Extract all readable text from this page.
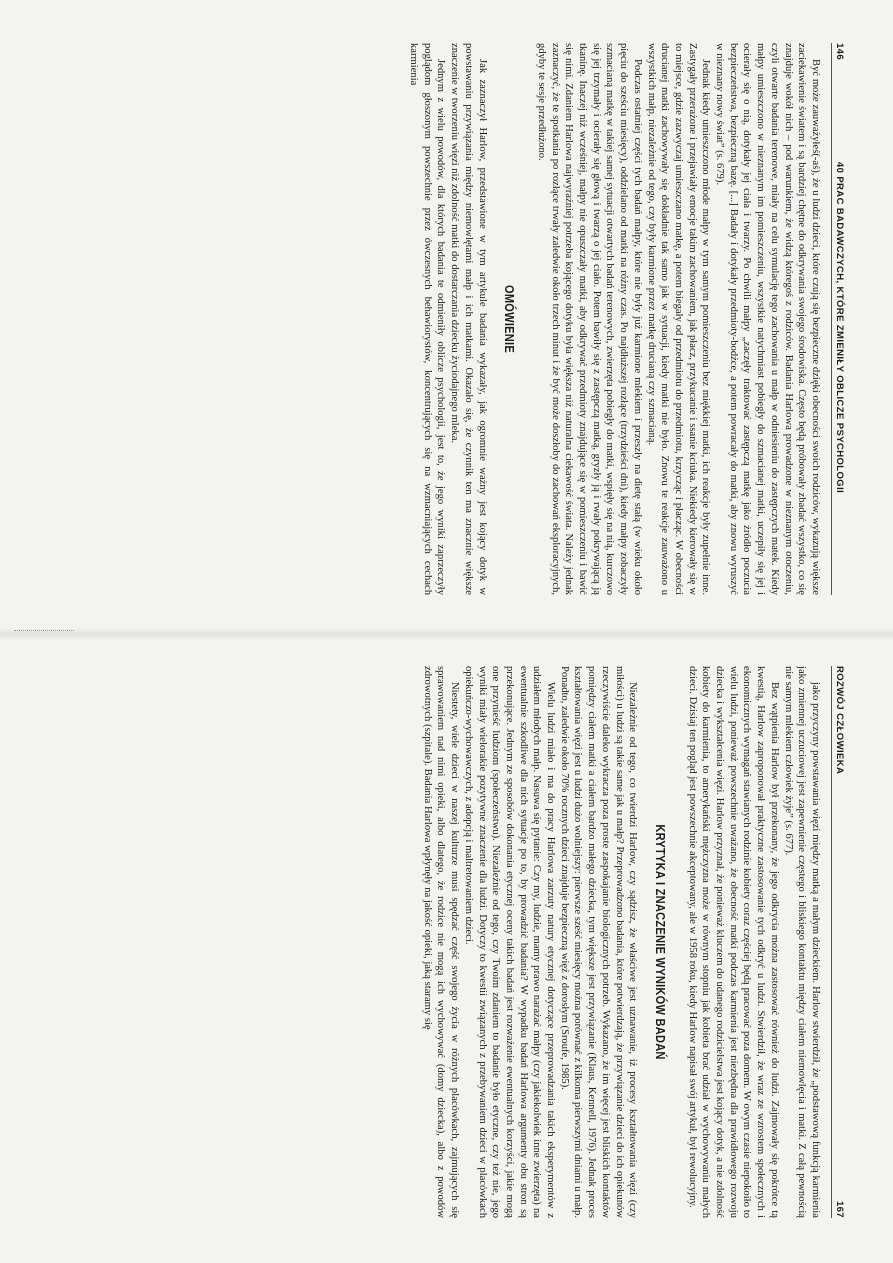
146
40 PRAC BADAWCZYCH, KTÓRE ZMIENIŁY OBLICZE PSYCHOLOGII

Być może zauważyłeś(-aś), że u ludzi dzieci, które czują się bezpieczne dzięki obecności swoich rodziców, wykazują większe zaciekawienie światem i są bardziej chętne do odkrywania swojego środowiska. Często będą próbowały zbadać wszystko, co się znajduje wokół nich – pod warunkiem, że widzą któregoś z rodziców. Badania Harlowa prowadzone w nieznanym otoczeniu, czyli otwarte badania terenowe, miały na celu symulację tego zachowania u małp w odniesieniu do zastępczych matek. Kiedy małpy umieszczono w nieznanym im pomieszczeniu, wszystkie natychmiast pobiegły do szmacianej matki, uczepiły się jej i ocierały się o nią, dotykały jej ciała i twarzy. Po chwili małpy „zaczęły traktować zastępczą matkę jako źródło poczucia bezpieczeństwa, bezpieczną bazę. [...] Badały i dotykały przedmioty-bodźce, a potem powracały do matki, aby znowu wyruszyć w nieznany nowy świat” (s. 679).

Jednak kiedy umieszczono młode małpy w tym samym pomieszczeniu bez miękkiej matki, ich reakcje były zupełnie inne. Zastygały przerażone i przejawiały emocje takim zachowaniem, jak płacz, przykucanie i ssanie kciuka. Niekiedy kierowały się w to miejsce, gdzie zazwyczaj umieszczano matkę, a potem biegały od przedmiotu do przedmiotu, krzycząc i płacząc. W obecności drucianej matki zachowywały się dokładnie tak samo jak w sytuacji, kiedy matki nie było. Znowu te reakcje zauważono u wszystkich małp, niezależnie od tego, czy były karmione przez matkę drucianą czy szmacianą.

Podczas ostatniej części tych badań małpy, które nie były już karmione mlekiem i przeszły na dietę stałą (w wieku około pięciu do sześciu miesięcy), oddzielano od matki na różny czas. Po najdłuższej rozłące (trzydzieści dni), kiedy małpy zobaczyły szmacianą matkę w takiej samej sytuacji otwartych badań terenowych, zwierzęta pobiegły do matki, wspięły się na nią, kurczowo się jej trzymały i ocierały się głową i twarzą o jej ciało. Potem bawiły się z zastępczą matką, gryzły ją i rwały pokrywającą ją tkaninę. Inaczej niż wcześniej, małpy nie opuszczały matki, aby odkrywać przedmioty znajdujące się w pomieszczeniu i bawić się nimi. Zdaniem Harlowa najwyraźniej potrzeba kojącego dotyku była większa niż naturalna ciekawość świata. Należy jednak zaznaczyć, że te spotkania po rozłące trwały zaledwie około trzech minut i że być może doszłoby do zachowań eksploracyjnych, gdyby te sesje przedłużono.

OMÓWIENIE

Jak zaznaczył Harlow, przedstawione w tym artykule badania wykazały, jak ogromnie ważny jest kojący dotyk w powstawaniu przywiązania między niemowlętami małp i ich matkami. Okazało się, że czynnik ten ma znacznie większe znaczenie w tworzeniu więzi niż zdolność matki do dostarczania dziecku życiodajnego mleka.

Jednym z wielu powodów, dla których badania te odmieniły oblicze psychologii, jest to, że jego wyniki zaprzeczyły poglądom głoszonym powszechnie przez ówczesnych behawiorystów, koncentrujących się na wzmacniających cechach karmienia

ROZWÓJ CZŁOWIEKA
167

jako przyczyny powstawania więzi między matką a małym dzieckiem. Harlow stwierdził, że „podstawową funkcją karmienia jako zmiennej uczuciowej jest zapewnienie częstego i bliskiego kontaktu między ciałem niemowlęcia i matki. Z całą pewnością nie samym mlekiem człowiek żyje” (s. 677).

Bez wątpienia Harlow był przekonany, że jego odkrycia można zastosować również do ludzi. Zajmowały się pokrótce tą kwestią, Harlow zaproponował praktyczne zastosowanie tych odkryć u ludzi. Stwierdził, że wraz ze wzrostem społecznych i ekonomicznych wymagań stawianych rodzinie kobiety coraz częściej będą pracować poza domem. W owym czasie niepokoiło to wielu ludzi, ponieważ powszechnie uważano, że obecność matki podczas karmienia jest niezbędna dla prawidłowego rozwoju dziecka i wykształcenia więzi. Harlow przyznał, że ponieważ kluczem do udanego rodzicielstwa jest kojący dotyk, a nie zdolność kobiety do karmienia, to amerykański mężczyzna może w równym stopniu jak kobieta brać udział w wychowywaniu małych dzieci. Dzisiaj ten pogląd jest powszechnie akceptowany, ale w 1958 roku, kiedy Harlow napisał swój artykuł, był rewolucyjny.

KRYTYKA I ZNACZENIE WYNIKÓW BADAŃ

Niezależnie od tego, co twierdzi Harlow, czy sądzisz, że właściwe jest uznawanie, iż procesy kształtowania więzi (czy miłości) u ludzi są takie same jak u małp? Przeprowadzono badania, które potwierdzają, że przywiązanie dzieci do ich opiekunów rzeczywiście daleko wykracza poza proste zaspokajanie biologicznych potrzeb. Wykazano, że im więcej jest bliskich kontaktów pomiędzy ciałem matki a ciałem bardzo małego dziecka, tym większe jest przywiązanie (Klaus, Kennell, 1976). Jednak proces kształtowania więzi jest u ludzi dużo wolniejszy: pierwsze sześć miesięcy można porównać z kilkoma pierwszymi dniami u małp. Ponadto, zaledwie około 70% rocznych dzieci znajduje bezpieczną więź z dorosłym (Sroufe, 1985).

Wielu ludzi miało i ma do pracy Harlowa zarzuty natury etycznej dotyczące przeprowadzania takich eksperymentów z udziałem młodych małp. Nasuwa się pytanie: Czy my, ludzie, mamy prawo narażać małpy (czy jakiekolwiek inne zwierzęta) na ewentualnie szkodliwe dla nich sytuacje po to, by prowadzić badania? W wypadku badań Harlowa argumenty obu stron są przekonujące. Jednym ze sposobów dokonania etycznej oceny takich badań jest rozważenie ewentualnych korzyści, jakie mogą one przynieść ludziom (społeczeństwu). Niezależnie od tego, czy Twoim zdaniem to badanie było etyczne, czy też nie, jego wyniki miały wielorakie pozytywne znaczenie dla ludzi. Dotyczy to kwestii związanych z przebywaniem dzieci w placówkach opiekuńczo-wychowawczych, z adopcją i maltretowaniem dzieci.

Niestety, wiele dzieci w naszej kulturze musi spędzać część swojego życia w różnych placówkach, zajmujących się sprawowaniem nad nimi opieki, albo dlatego, że rodzice nie mogą ich wychowywać (domy dziecka), albo z powodów zdrowotnych (szpitale). Badania Harlowa wpłynęły na jakość opieki, jaką staramy się
